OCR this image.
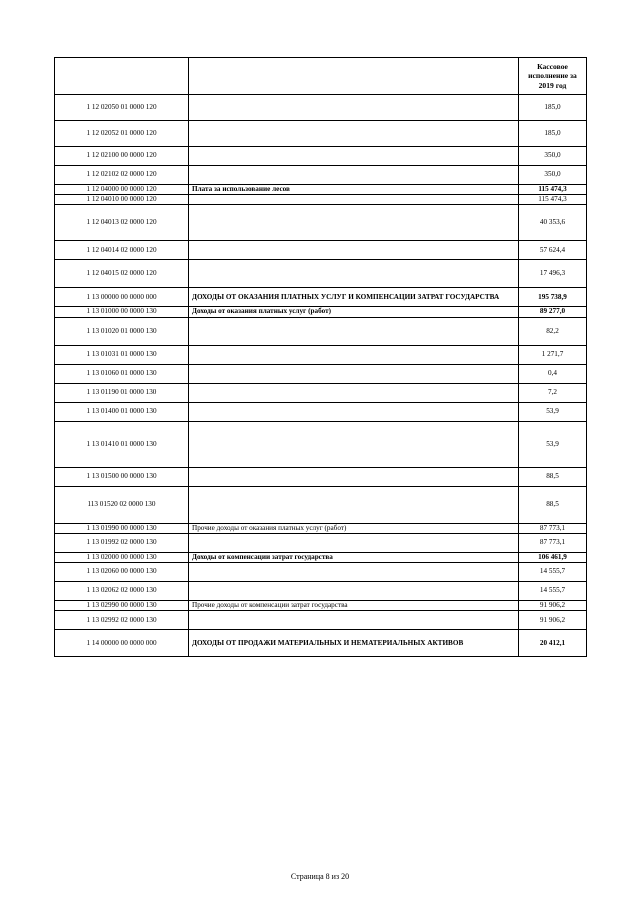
		Кассовое исполнение за 2019 год
1 12 02050 01 0000 120		185,0
1 12 02052 01 0000 120		185,0
1 12 02100 00 0000 120		350,0
1 12 02102 02 0000 120		350,0
1 12 04000 00 0000 120	Плата за использование лесов	115 474,3
1 12 04010 00 0000 120		115 474,3
1 12 04013 02 0000 120		40 353,6
1 12 04014 02 0000 120		57 624,4
1 12 04015 02 0000 120		17 496,3
1 13 00000 00 0000 000	ДОХОДЫ ОТ ОКАЗАНИЯ ПЛАТНЫХ УСЛУГ И КОМПЕНСАЦИИ ЗАТРАТ ГОСУДАРСТВА	195 738,9
1 13 01000 00 0000 130	Доходы от оказания платных услуг (работ)	89 277,0
1 13 01020 01 0000 130		82,2
1 13 01031 01 0000 130		1 271,7
1 13 01060 01 0000 130		0,4
1 13 01190 01 0000 130		7,2
1 13 01400 01 0000 130		53,9
1 13 01410 01 0000 130		53,9
1 13 01500 00 0000 130		88,5
113 01520 02 0000 130		88,5
1 13 01990 00 0000 130	Прочие доходы от оказания платных услуг (работ)	87 773,1
1 13 01992 02 0000 130		87 773,1
1 13 02000 00 0000 130	Доходы от компенсации затрат государства	106 461,9
1 13 02060 00 0000 130		14 555,7
1 13 02062 02 0000 130		14 555,7
1 13 02990 00 0000 130	Прочие доходы от компенсации затрат государства	91 906,2
1 13 02992 02 0000 130		91 906,2
1 14 00000 00 0000 000	ДОХОДЫ ОТ ПРОДАЖИ МАТЕРИАЛЬНЫХ И НЕМАТЕРИАЛЬНЫХ АКТИВОВ	20 412,1
Страница 8 из 20
